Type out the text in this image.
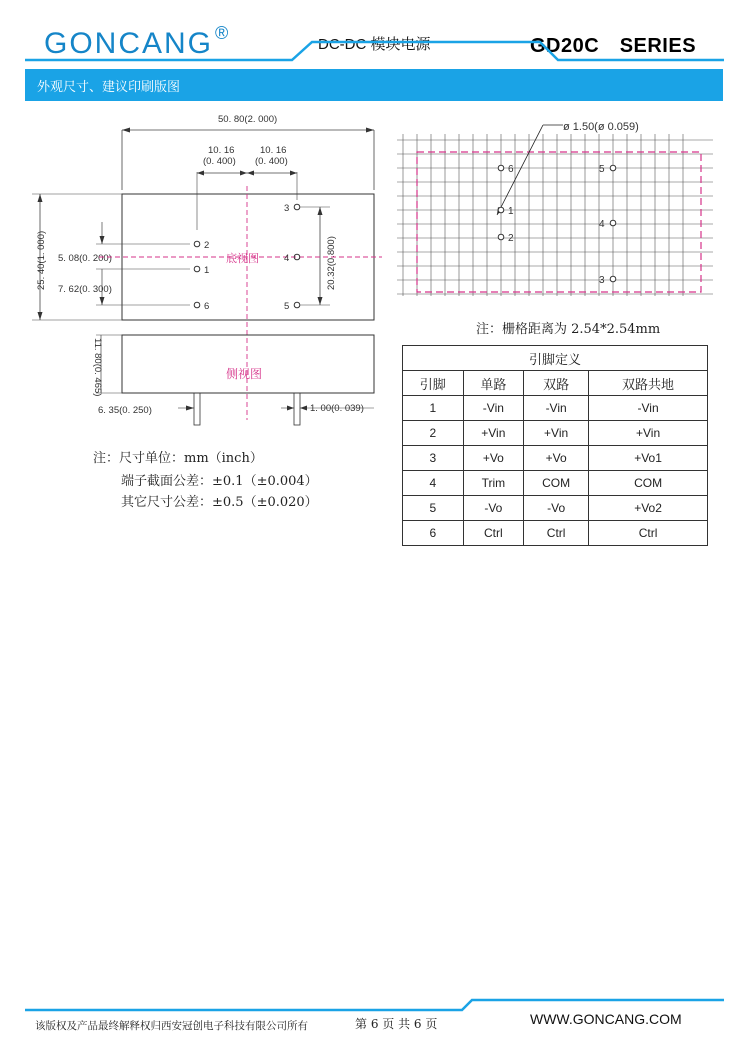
GONCANG ®
DC-DC 模块电源	GD20C　SERIES
外观尺寸、建议印刷版图
50. 80(2. 000)
10. 16
(0. 400)
10. 16
(0. 400)
25. 40(1. 000) 5. 08(0. 200)
7. 62(0. 300)	20.32(0.800)
底视图
2
1
6
3
4
5
11. 80(0. 465)	侧视图
6. 35(0. 250)	1. 00(0. 039)
注：尺寸单位：mm（inch）
端子截面公差：±0.1（±0.004）
其它尺寸公差：±0.5（±0.020）
ø 1.50(ø 0.059)
6
1
2
5
4
3
注：栅格距离为 2.54*2.54mm
引脚定义			
引脚	单路	双路	双路共地
1	-Vin	-Vin	-Vin
2	+Vin	+Vin	+Vin
3	+Vo	+Vo	+Vo1
4	Trim	COM	COM
5	-Vo	-Vo	+Vo2
6	Ctrl	Ctrl	Ctrl
该版权及产品最终解释权归西安冠创电子科技有限公司所有	第 6 页 共 6 页	WWW.GONCANG.COM
